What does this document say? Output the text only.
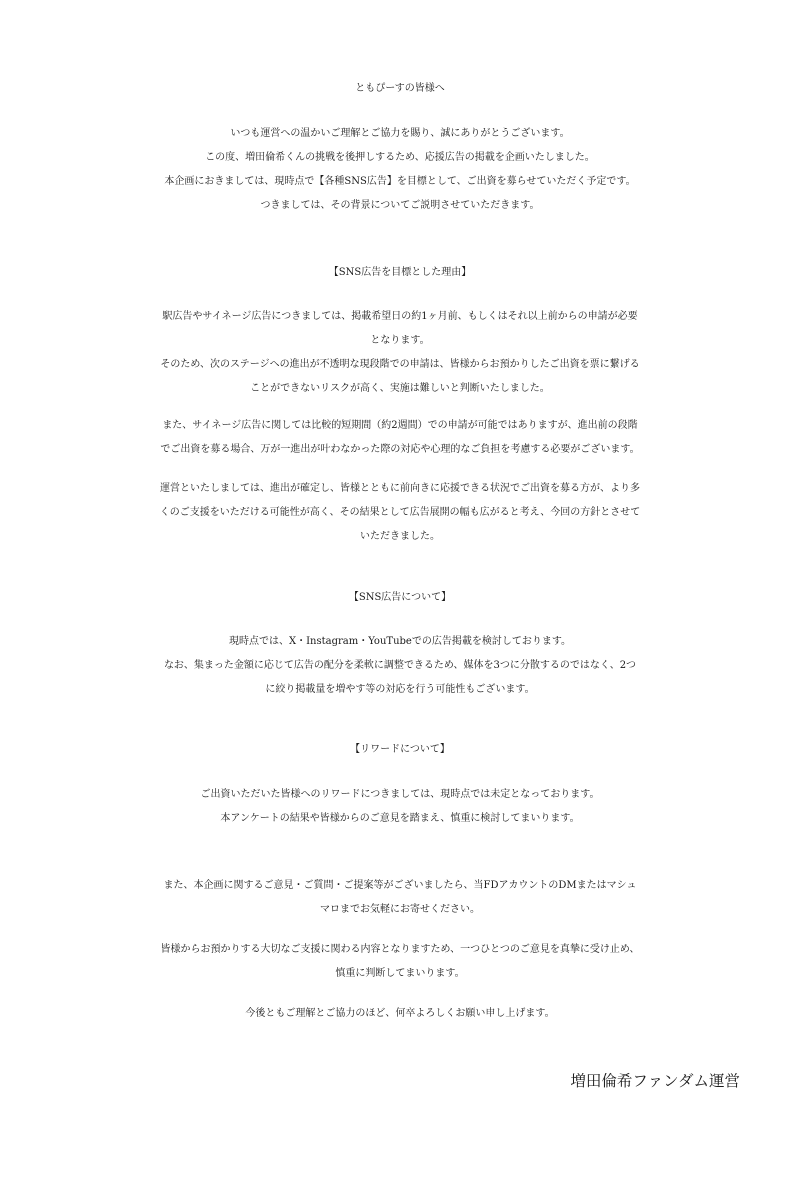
ともぴーすの皆様へ
いつも運営への温かいご理解とご協力を賜り、誠にありがとうございます。
この度、増田倫希くんの挑戦を後押しするため、応援広告の掲載を企画いたしました。
本企画におきましては、現時点で【各種SNS広告】を目標として、ご出資を募らせていただく予定です。
つきましては、その背景についてご説明させていただきます。
【SNS広告を目標とした理由】
駅広告やサイネージ広告につきましては、掲載希望日の約1ヶ月前、もしくはそれ以上前からの申請が必要
となります。
そのため、次のステージへの進出が不透明な現段階での申請は、皆様からお預かりしたご出資を票に繋げる
ことができないリスクが高く、実施は難しいと判断いたしました。
また、サイネージ広告に関しては比較的短期間（約2週間）での申請が可能ではありますが、進出前の段階
でご出資を募る場合、万が一進出が叶わなかった際の対応や心理的なご負担を考慮する必要がございます。
運営といたしましては、進出が確定し、皆様とともに前向きに応援できる状況でご出資を募る方が、より多
くのご支援をいただける可能性が高く、その結果として広告展開の幅も広がると考え、今回の方針とさせて
いただきました。
【SNS広告について】
現時点では、X・Instagram・YouTubeでの広告掲載を検討しております。
なお、集まった金額に応じて広告の配分を柔軟に調整できるため、媒体を3つに分散するのではなく、2つ
に絞り掲載量を増やす等の対応を行う可能性もございます。
【リワードについて】
ご出資いただいた皆様へのリワードにつきましては、現時点では未定となっております。
本アンケートの結果や皆様からのご意見を踏まえ、慎重に検討してまいります。
また、本企画に関するご意見・ご質問・ご提案等がございましたら、当FDアカウントのDMまたはマシュ
マロまでお気軽にお寄せください。
皆様からお預かりする大切なご支援に関わる内容となりますため、一つひとつのご意見を真摯に受け止め、
慎重に判断してまいります。
今後ともご理解とご協力のほど、何卒よろしくお願い申し上げます。
増田倫希ファンダム運営
